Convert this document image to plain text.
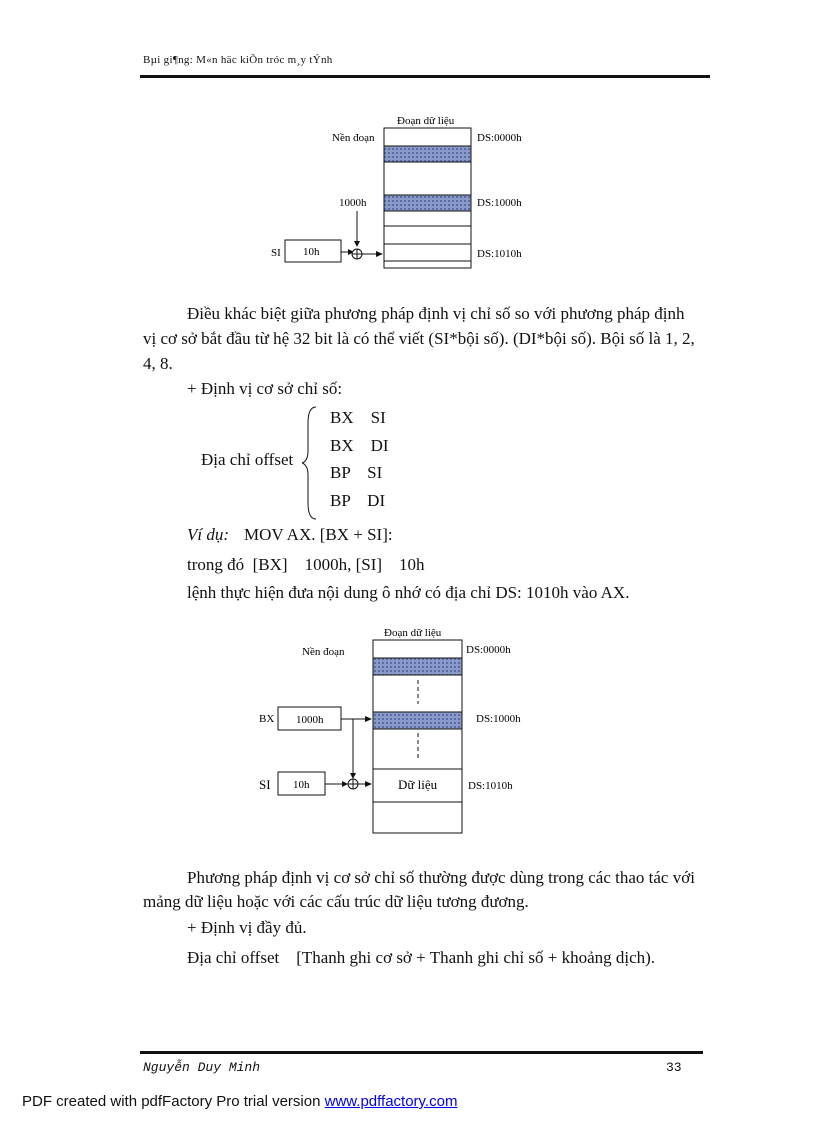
Bµi gi¶ng: M«n häc kiÕn tróc m¸y tÝnh
Đoạn dữ liệu
Nền đoạn	DS:0000h
DS:1000h
DS:1010h
1000h
SI 10h
Điều khác biệt giữa phương pháp định vị chỉ số so với phương pháp định
vị cơ sở bắt đầu từ hệ 32 bit là có thể viết (SI*bội số). (DI*bội số). Bội số là 1, 2,
4, 8.
+ Định vị cơ sở chỉ số:
Địa chỉ offset
BX    SI
BX    DI
BP    SI
BP    DI
Ví dụ: MOV AX. [BX + SI]:
trong đó  [BX]    1000h, [SI]    10h
lệnh thực hiện đưa nội dung ô nhớ có địa chỉ DS: 1010h vào AX.
Đoạn dữ liệu
Nền đoạn
Dữ liệu
DS:0000h
DS:1000h
DS:1010h
BX 1000h
SI 10h
Phương pháp định vị cơ sở chỉ số thường được dùng trong các thao tác với
mảng dữ liệu hoặc với các cấu trúc dữ liệu tương đương.
+ Định vị đầy đủ.
Địa chỉ offset    [Thanh ghi cơ sở + Thanh ghi chỉ số + khoảng dịch).
Nguyễn Duy Minh	33
PDF created with pdfFactory Pro trial version www.pdffactory.com
